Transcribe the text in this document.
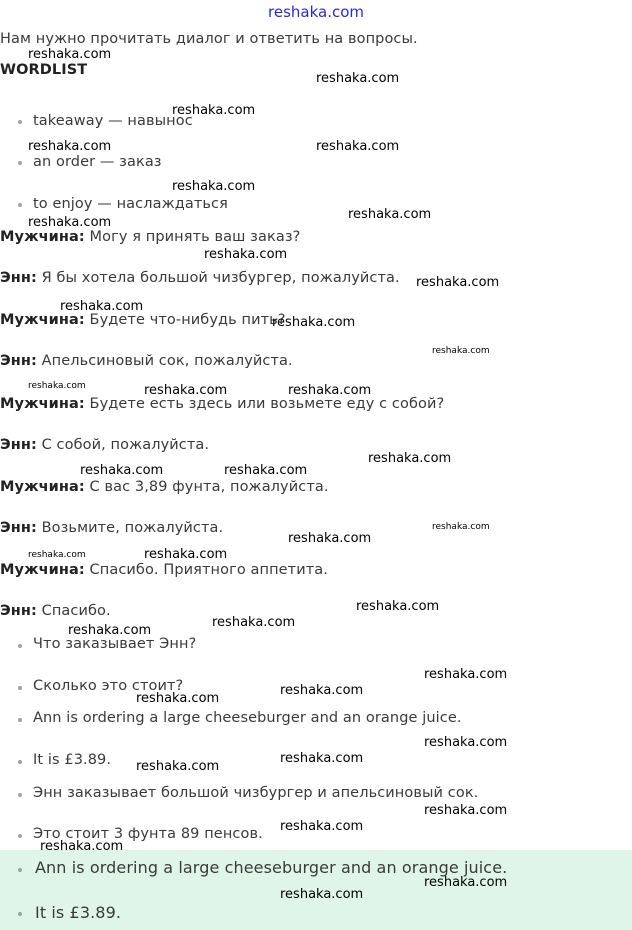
reshaka.com
Нам нужно прочитать диалог и ответить на вопросы.
WORDLIST
takeaway — навынос
an order — заказ
to enjoy — наслаждаться
Мужчина: Могу я принять ваш заказ?
Энн: Я бы хотела большой чизбургер, пожалуйста.
Мужчина: Будете что-нибудь пить?
Энн: Апельсиновый сок, пожалуйста.
Мужчина: Будете есть здесь или возьмете еду с собой?
Энн: С собой, пожалуйста.
Мужчина: С вас 3,89 фунта, пожалуйста.
Энн: Возьмите, пожалуйста.
Мужчина: Спасибо. Приятного аппетита.
Энн: Спасибо.
Что заказывает Энн?
Сколько это стоит?
Ann is ordering a large cheeseburger and an orange juice.
It is £3.89.
Энн заказывает большой чизбургер и апельсиновый сок.
Это стоит 3 фунта 89 пенсов.
Ann is ordering a large cheeseburger and an orange juice.
It is £3.89.
reshaka.com
reshaka.com
reshaka.com
reshaka.com	reshaka.com
reshaka.com
reshaka.com
reshaka.com
reshaka.com
reshaka.com
reshaka.com
reshaka.com
reshaka.com
reshaka.com	reshaka.com	reshaka.com
reshaka.com
reshaka.com	reshaka.com
reshaka.com
reshaka.com
reshaka.com	reshaka.com
reshaka.com
reshaka.com
reshaka.com
reshaka.com
reshaka.com
reshaka.com
reshaka.com
reshaka.com
reshaka.com
reshaka.com
reshaka.com
reshaka.com
reshaka.com
reshaka.com
